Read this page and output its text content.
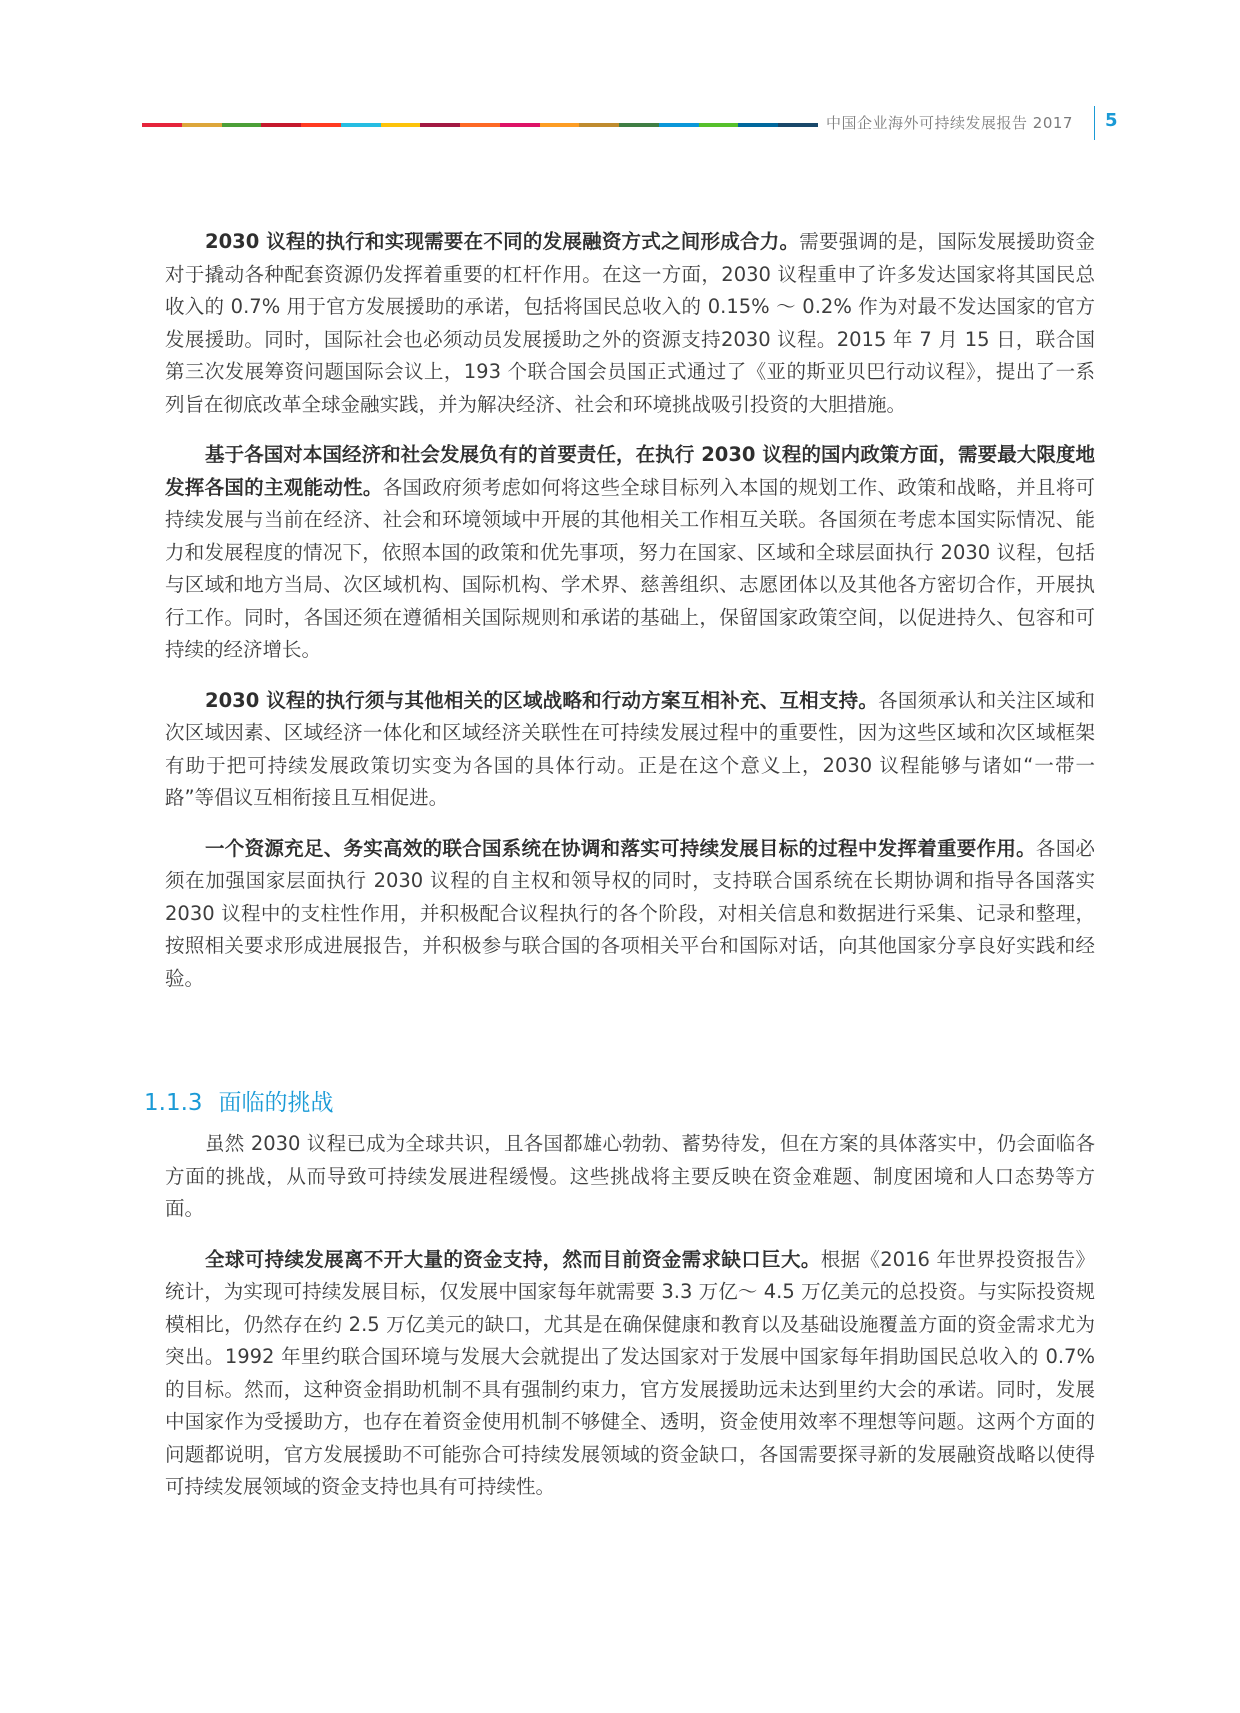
中国企业海外可持续发展报告 2017 5

2030 议程的执行和实现需要在不同的发展融资方式之间形成合力。需要强调的是，国际发展援助资金对于撬动各种配套资源仍发挥着重要的杠杆作用。在这一方面，2030 议程重申了许多发达国家将其国民总收入的 0.7% 用于官方发展援助的承诺，包括将国民总收入的 0.15% ～ 0.2% 作为对最不发达国家的官方发展援助。同时，国际社会也必须动员发展援助之外的资源支持2030 议程。2015 年 7 月 15 日，联合国第三次发展筹资问题国际会议上，193 个联合国会员国正式通过了《亚的斯亚贝巴行动议程》，提出了一系列旨在彻底改革全球金融实践，并为解决经济、社会和环境挑战吸引投资的大胆措施。

基于各国对本国经济和社会发展负有的首要责任，在执行 2030 议程的国内政策方面，需要最大限度地发挥各国的主观能动性。各国政府须考虑如何将这些全球目标列入本国的规划工作、政策和战略，并且将可持续发展与当前在经济、社会和环境领域中开展的其他相关工作相互关联。各国须在考虑本国实际情况、能力和发展程度的情况下，依照本国的政策和优先事项，努力在国家、区域和全球层面执行 2030 议程，包括与区域和地方当局、次区域机构、国际机构、学术界、慈善组织、志愿团体以及其他各方密切合作，开展执行工作。同时，各国还须在遵循相关国际规则和承诺的基础上，保留国家政策空间，以促进持久、包容和可持续的经济增长。

2030 议程的执行须与其他相关的区域战略和行动方案互相补充、互相支持。各国须承认和关注区域和次区域因素、区域经济一体化和区域经济关联性在可持续发展过程中的重要性，因为这些区域和次区域框架有助于把可持续发展政策切实变为各国的具体行动。正是在这个意义上，2030 议程能够与诸如“一带一路”等倡议互相衔接且互相促进。

一个资源充足、务实高效的联合国系统在协调和落实可持续发展目标的过程中发挥着重要作用。各国必须在加强国家层面执行 2030 议程的自主权和领导权的同时，支持联合国系统在长期协调和指导各国落实 2030 议程中的支柱性作用，并积极配合议程执行的各个阶段，对相关信息和数据进行采集、记录和整理，按照相关要求形成进展报告，并积极参与联合国的各项相关平台和国际对话，向其他国家分享良好实践和经验。

1.1.3 面临的挑战

虽然 2030 议程已成为全球共识，且各国都雄心勃勃、蓄势待发，但在方案的具体落实中，仍会面临各方面的挑战，从而导致可持续发展进程缓慢。这些挑战将主要反映在资金难题、制度困境和人口态势等方面。

全球可持续发展离不开大量的资金支持，然而目前资金需求缺口巨大。根据《2016 年世界投资报告》统计，为实现可持续发展目标，仅发展中国家每年就需要 3.3 万亿～ 4.5 万亿美元的总投资。与实际投资规模相比，仍然存在约 2.5 万亿美元的缺口，尤其是在确保健康和教育以及基础设施覆盖方面的资金需求尤为突出。1992 年里约联合国环境与发展大会就提出了发达国家对于发展中国家每年捐助国民总收入的 0.7% 的目标。然而，这种资金捐助机制不具有强制约束力，官方发展援助远未达到里约大会的承诺。同时，发展中国家作为受援助方，也存在着资金使用机制不够健全、透明，资金使用效率不理想等问题。这两个方面的问题都说明，官方发展援助不可能弥合可持续发展领域的资金缺口，各国需要探寻新的发展融资战略以使得可持续发展领域的资金支持也具有可持续性。
